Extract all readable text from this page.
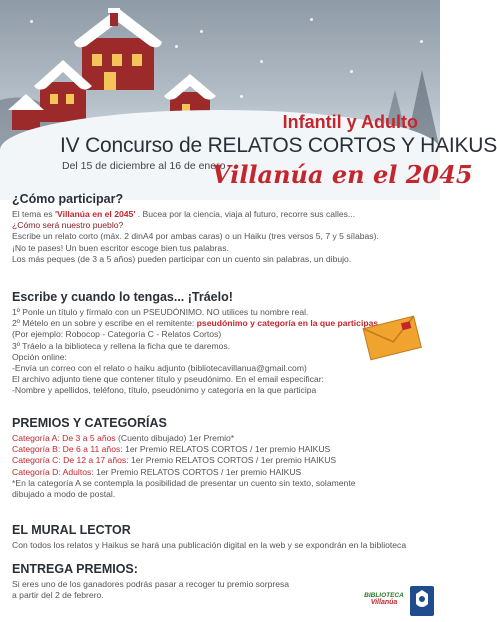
Infantil y Adulto
IV Concurso de RELATOS CORTOS Y HAIKUS
Del 15 de diciembre al 16 de enero
Villanúa en el 2045
¿Cómo participar?

El tema es 'Villanúa en el 2045' . Bucea por la ciencia, viaja al futuro, recorre sus calles...

¿Cómo será nuestro pueblo?

Escribe un relato corto (máx. 2 dinA4 por ambas caras) o un Haiku (tres versos 5, 7 y 5 sílabas).

¡No te pases! Un buen escritor escoge bien tus palabras.

Los más peques (de 3 a 5 años) pueden participar con un cuento sin palabras, un dibujo.

Escribe y cuando lo tengas... ¡Tráelo!

1º Ponle un título y fírmalo con un PSEUDÓNIMO. NO utilices tu nombre real.

2º Mételo en un sobre y escribe en el remitente: pseudónimo y categoría en la que participas.

(Por ejemplo: Robocop - Categoría C - Relatos Cortos)

3º Tráelo a la biblioteca y rellena la ficha que te daremos.

Opción online:

-Envía un correo con el relato o haiku adjunto (bibliotecavillanua@gmail.com)

El archivo adjunto tiene que contener título y pseudónimo. En el email especificar:

-Nombre y apellidos, teléfono, título, pseudónimo y categoría en la que participa

PREMIOS Y CATEGORÍAS

Categoría A: De 3 a 5 años (Cuento dibujado) 1er Premio*

Categoría B: De 6 a 11 años: 1er Premio RELATOS CORTOS / 1er premio HAIKUS

Categoría C: De 12 a 17 años: 1er Premio RELATOS CORTOS / 1er premio HAIKUS

Categoría D: Adultos: 1er Premio RELATOS CORTOS / 1er premio HAIKUS

*En la categoría A se contempla la posibilidad de presentar un cuento sin texto, solamente

dibujado a modo de postal.

EL MURAL LECTOR

Con todos los relatos y Haikus se hará una publicación digital en la web y se expondrán en la biblioteca

ENTREGA PREMIOS:

Si eres uno de los ganadores podrás pasar a recoger tu premio sorpresa

a partir del 2 de febrero.	BIBLIOTECA
Villanúa
